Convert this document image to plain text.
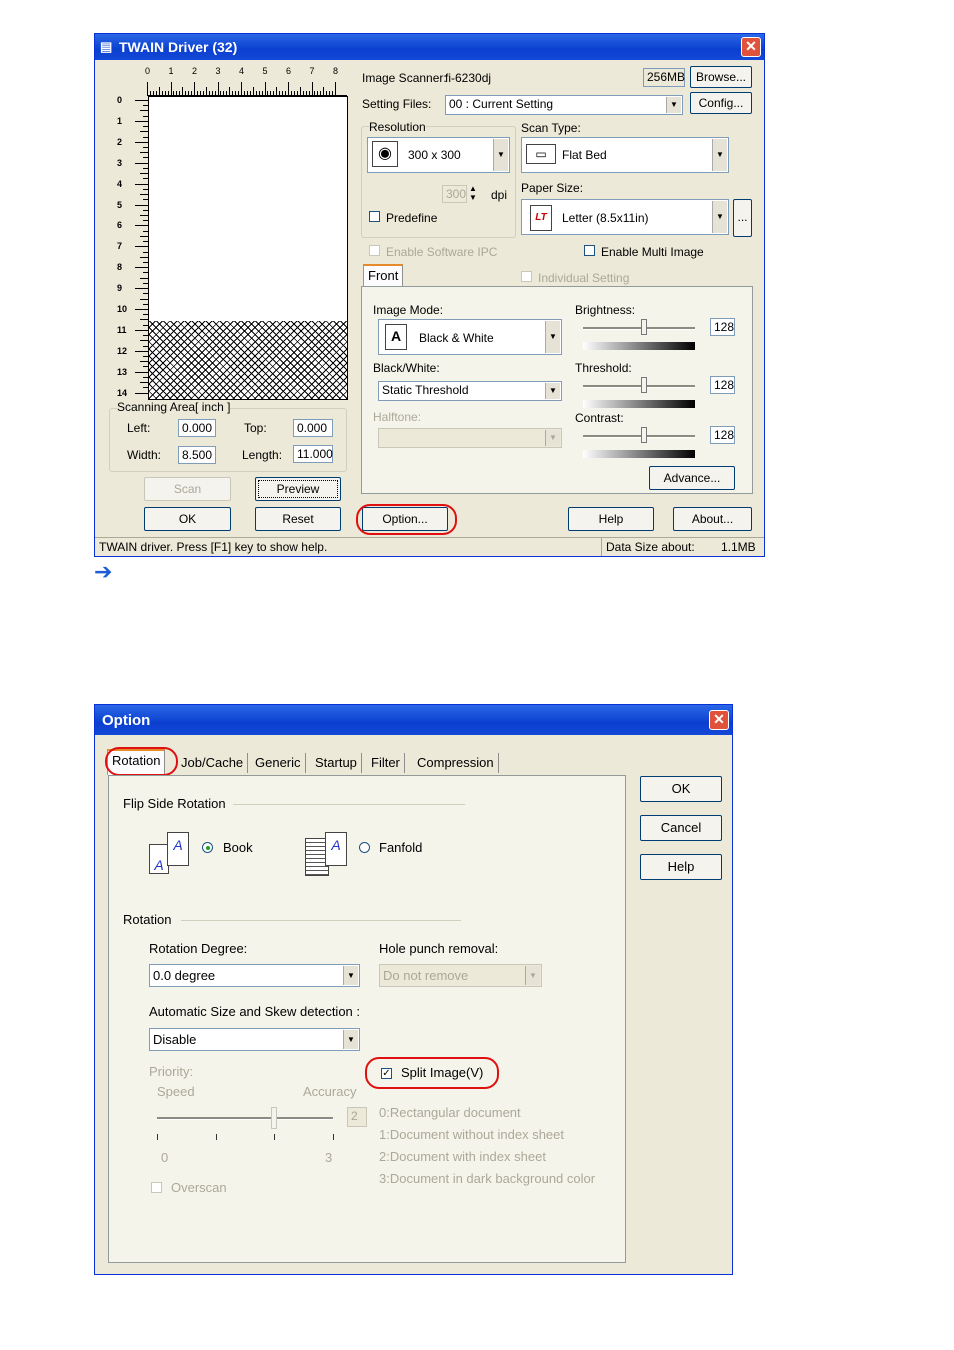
▤ TWAIN Driver (32)	✕
0 1 2 3 4 5 6 7 8
0
1
2
3
4
5
6
7
8
9
10
11
12
13
14
Scanning Area[ inch ]
Left:	0.000	Top:	0.000
Width:	8.500	Length:	11.000
Scan	Preview
OK	Reset
Image Scanner:
fi-6230dj	256MB Browse...
Setting Files:	00 : Current Setting	▼	Config...
Resolution
◉	300 x 300	▼
300 ▲
▼ dpi
Predefine
Scan Type:
▭	Flat Bed	▼
Paper Size:
LT	Letter (8.5x11in)	▼	...
Enable Software IPC	Enable Multi Image
Front	Individual Setting
Image Mode:
A	Black & White	▼
Black/White:
Static Threshold	▼
Halftone:
▼
Brightness:
128
Threshold:
128
Contrast:
128
Advance...
Option...	Help	About...
TWAIN driver. Press [F1] key to show help.	Data Size about: 1.1MB
➔
Option	✕
Rotation	Job/Cache Generic	Startup	Filter	Compression
OK
Cancel
Help
Flip Side Rotation
A
A	Book	A	Fanfold
Rotation
Rotation Degree:
0.0 degree	▼
Hole punch removal:
Do not remove	▼
Automatic Size and Skew detection :
Disable	▼
✓ Split Image(V)
Priority:
Speed	Accuracy
2
0	3
0:Rectangular document
1:Document without index sheet
2:Document with index sheet
3:Document in dark background color
Overscan
